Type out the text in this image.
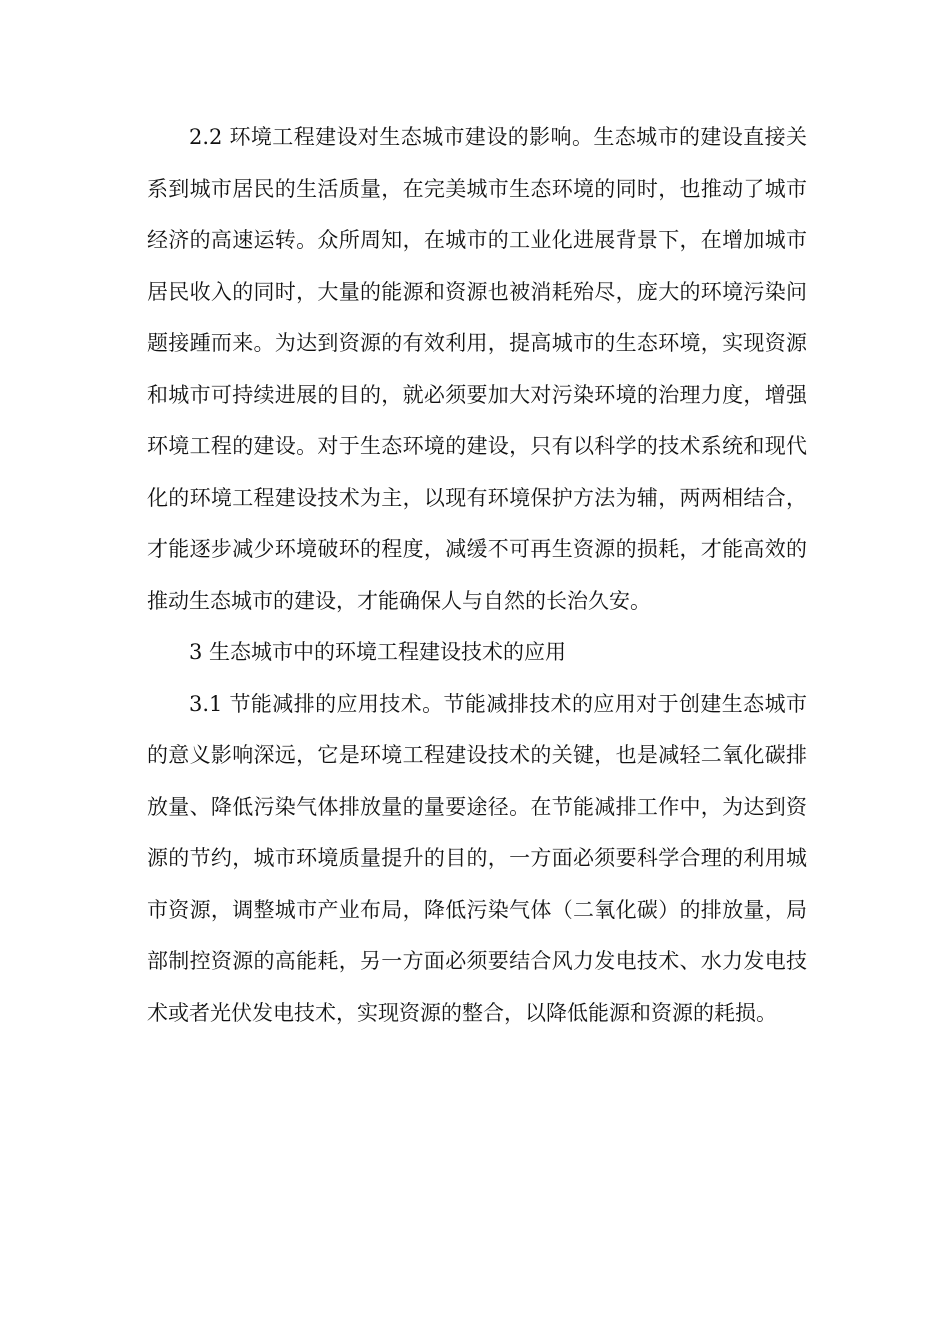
2.2 环境工程建设对生态城市建设的影响。生态城市的建设直接关系到城市居民的生活质量，在完美城市生态环境的同时，也推动了城市经济的高速运转。众所周知，在城市的工业化进展背景下，在增加城市居民收入的同时，大量的能源和资源也被消耗殆尽，庞大的环境污染问题接踵而来。为达到资源的有效利用，提高城市的生态环境，实现资源和城市可持续进展的目的，就必须要加大对污染环境的治理力度，增强环境工程的建设。对于生态环境的建设，只有以科学的技术系统和现代化的环境工程建设技术为主，以现有环境保护方法为辅，两两相结合，才能逐步减少环境破环的程度，减缓不可再生资源的损耗，才能高效的推动生态城市的建设，才能确保人与自然的长治久安。

3 生态城市中的环境工程建设技术的应用

3.1 节能减排的应用技术。节能减排技术的应用对于创建生态城市的意义影响深远，它是环境工程建设技术的关键，也是减轻二氧化碳排放量、降低污染气体排放量的量要途径。在节能减排工作中，为达到资源的节约，城市环境质量提升的目的，一方面必须要科学合理的利用城市资源，调整城市产业布局，降低污染气体（二氧化碳）的排放量，局部制控资源的高能耗，另一方面必须要结合风力发电技术、水力发电技术或者光伏发电技术，实现资源的整合，以降低能源和资源的耗损。
